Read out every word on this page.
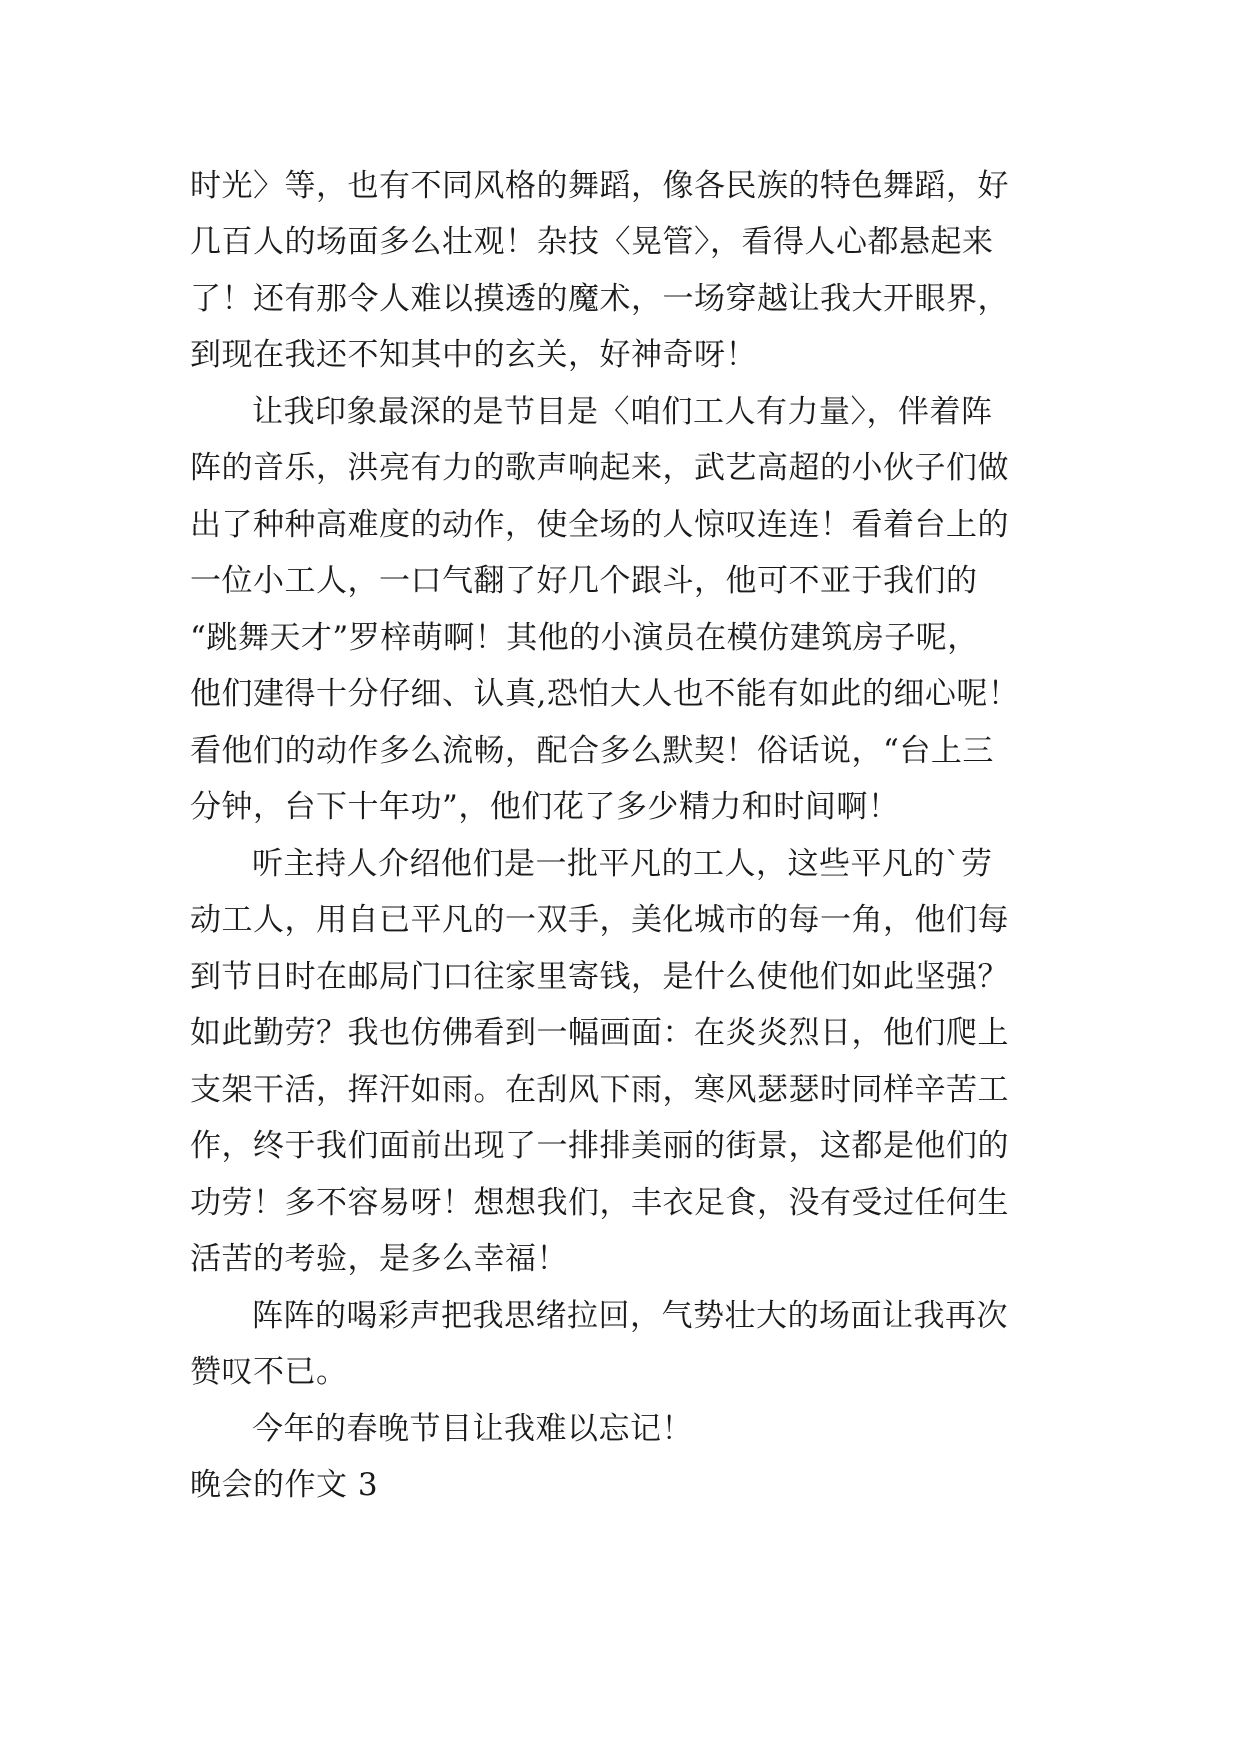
时光〉等，也有不同风格的舞蹈，像各民族的特色舞蹈，好
几百人的场面多么壮观！杂技〈晃管〉，看得人心都悬起来
了！还有那令人难以摸透的魔术，一场穿越让我大开眼界，
到现在我还不知其中的玄关，好神奇呀！
让我印象最深的是节目是〈咱们工人有力量〉，伴着阵
阵的音乐，洪亮有力的歌声响起来，武艺高超的小伙子们做
出了种种高难度的动作，使全场的人惊叹连连！看着台上的
一位小工人，一口气翻了好几个跟斗，他可不亚于我们的
“跳舞天才”罗梓萌啊！其他的小演员在模仿建筑房子呢，
他们建得十分仔细、认真,恐怕大人也不能有如此的细心呢！
看他们的动作多么流畅，配合多么默契！俗话说，“台上三
分钟，台下十年功”，他们花了多少精力和时间啊！
听主持人介绍他们是一批平凡的工人，这些平凡的`劳
动工人，用自已平凡的一双手，美化城市的每一角，他们每
到节日时在邮局门口往家里寄钱，是什么使他们如此坚强？
如此勤劳？我也仿佛看到一幅画面：在炎炎烈日，他们爬上
支架干活，挥汗如雨。在刮风下雨，寒风瑟瑟时同样辛苦工
作，终于我们面前出现了一排排美丽的街景，这都是他们的
功劳！多不容易呀！想想我们，丰衣足食，没有受过任何生
活苦的考验，是多么幸福！
阵阵的喝彩声把我思绪拉回，气势壮大的场面让我再次
赞叹不已。
今年的春晚节目让我难以忘记！
晚会的作文 3
